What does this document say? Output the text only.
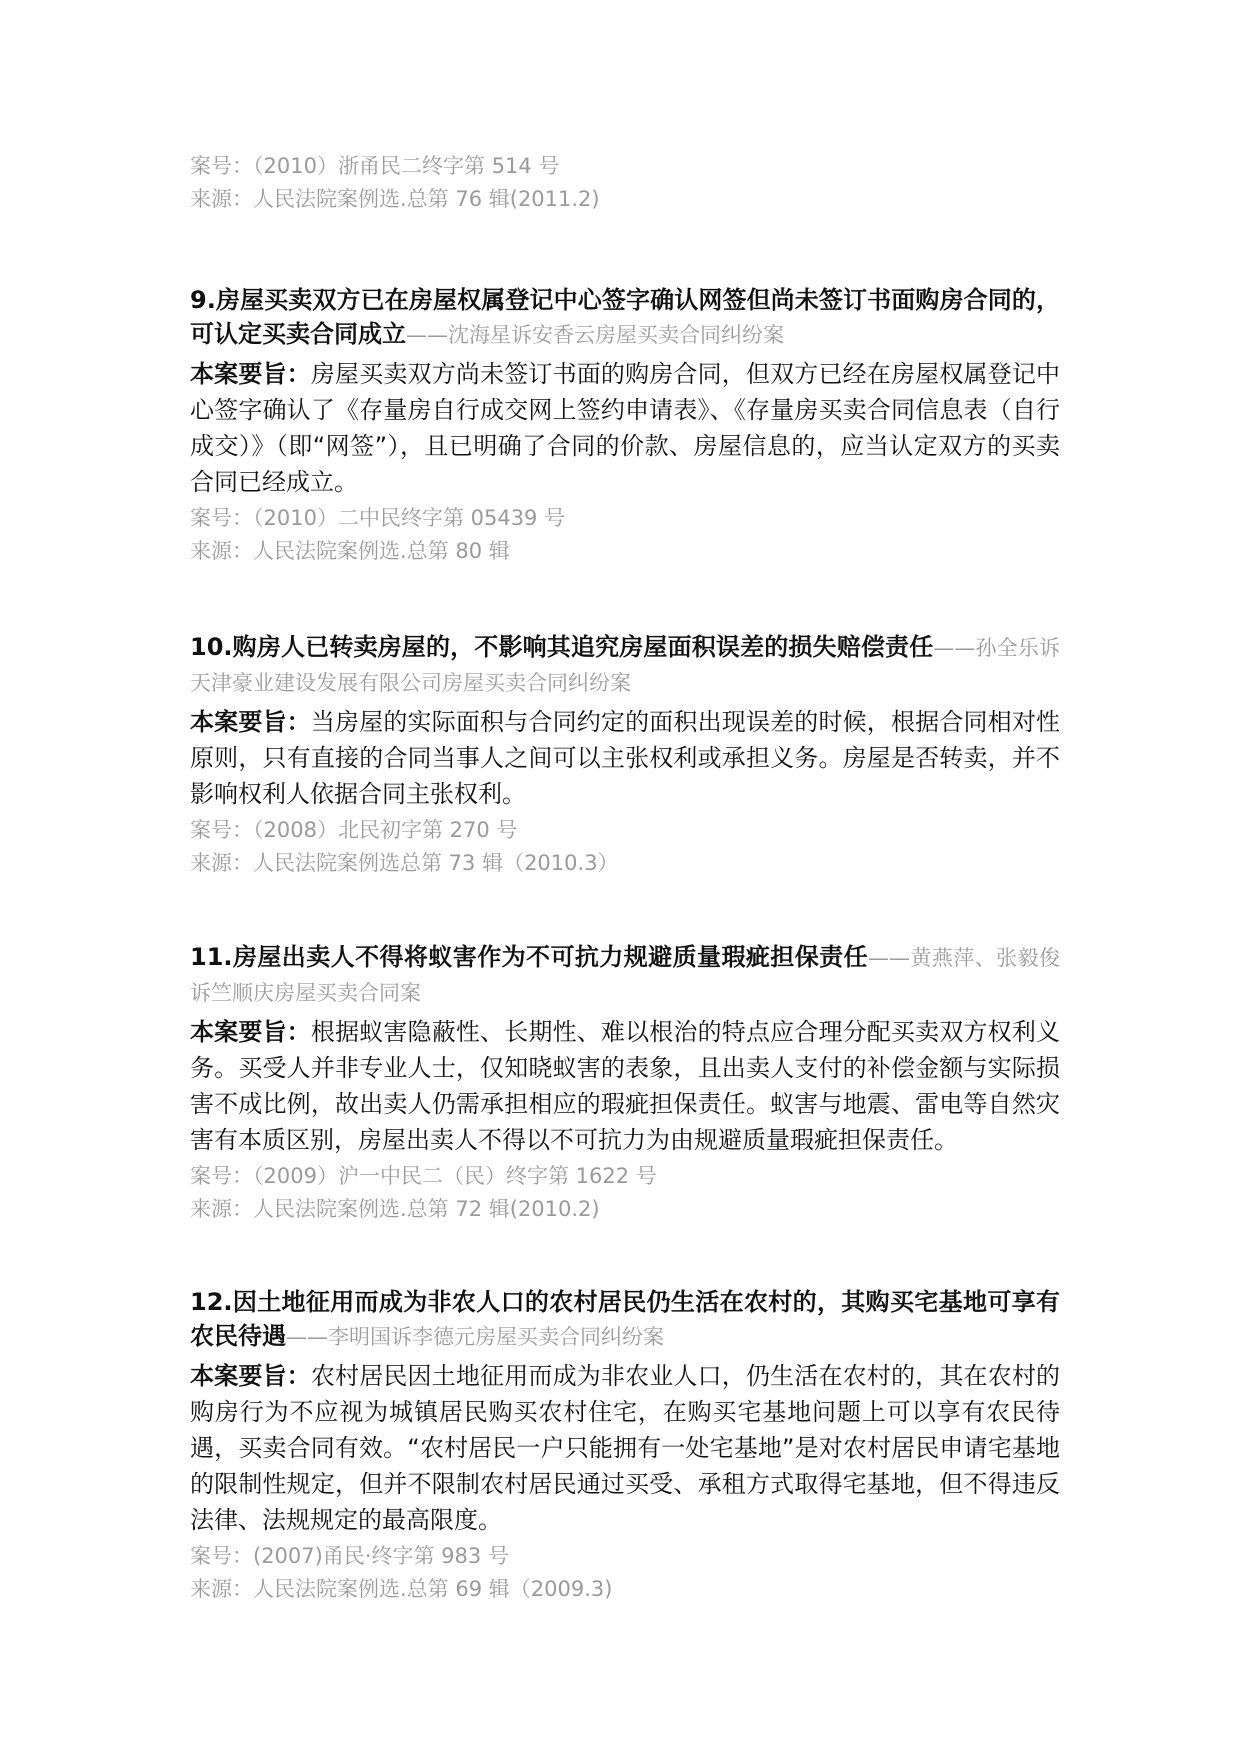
案号：（2010）浙甬民二终字第 514 号
来源：人民法院案例选.总第 76 辑(2011.2)
9.房屋买卖双方已在房屋权属登记中心签字确认网签但尚未签订书面购房合同的，可认定买卖合同成立——沈海星诉安香云房屋买卖合同纠纷案
本案要旨：房屋买卖双方尚未签订书面的购房合同，但双方已经在房屋权属登记中心签字确认了《存量房自行成交网上签约申请表》、《存量房买卖合同信息表（自行成交）》（即“网签”），且已明确了合同的价款、房屋信息的，应当认定双方的买卖合同已经成立。
案号：（2010）二中民终字第 05439 号
来源：人民法院案例选.总第 80 辑
10.购房人已转卖房屋的，不影响其追究房屋面积误差的损失赔偿责任——孙全乐诉天津豪业建设发展有限公司房屋买卖合同纠纷案
本案要旨：当房屋的实际面积与合同约定的面积出现误差的时候，根据合同相对性原则，只有直接的合同当事人之间可以主张权利或承担义务。房屋是否转卖，并不影响权利人依据合同主张权利。
案号：（2008）北民初字第 270 号
来源：人民法院案例选总第 73 辑（2010.3）
11.房屋出卖人不得将蚁害作为不可抗力规避质量瑕疵担保责任——黄燕萍、张毅俊诉竺顺庆房屋买卖合同案
本案要旨：根据蚁害隐蔽性、长期性、难以根治的特点应合理分配买卖双方权利义务。买受人并非专业人士，仅知晓蚁害的表象，且出卖人支付的补偿金额与实际损害不成比例，故出卖人仍需承担相应的瑕疵担保责任。蚁害与地震、雷电等自然灾害有本质区别，房屋出卖人不得以不可抗力为由规避质量瑕疵担保责任。
案号：（2009）沪一中民二（民）终字第 1622 号
来源：人民法院案例选.总第 72 辑(2010.2)
12.因土地征用而成为非农人口的农村居民仍生活在农村的，其购买宅基地可享有农民待遇——李明国诉李德元房屋买卖合同纠纷案
本案要旨：农村居民因土地征用而成为非农业人口，仍生活在农村的，其在农村的购房行为不应视为城镇居民购买农村住宅，在购买宅基地问题上可以享有农民待遇，买卖合同有效。“农村居民一户只能拥有一处宅基地”是对农村居民申请宅基地的限制性规定，但并不限制农村居民通过买受、承租方式取得宅基地，但不得违反法律、法规规定的最高限度。
案号：(2007)甬民·终字第 983 号
来源：人民法院案例选.总第 69 辑（2009.3)
